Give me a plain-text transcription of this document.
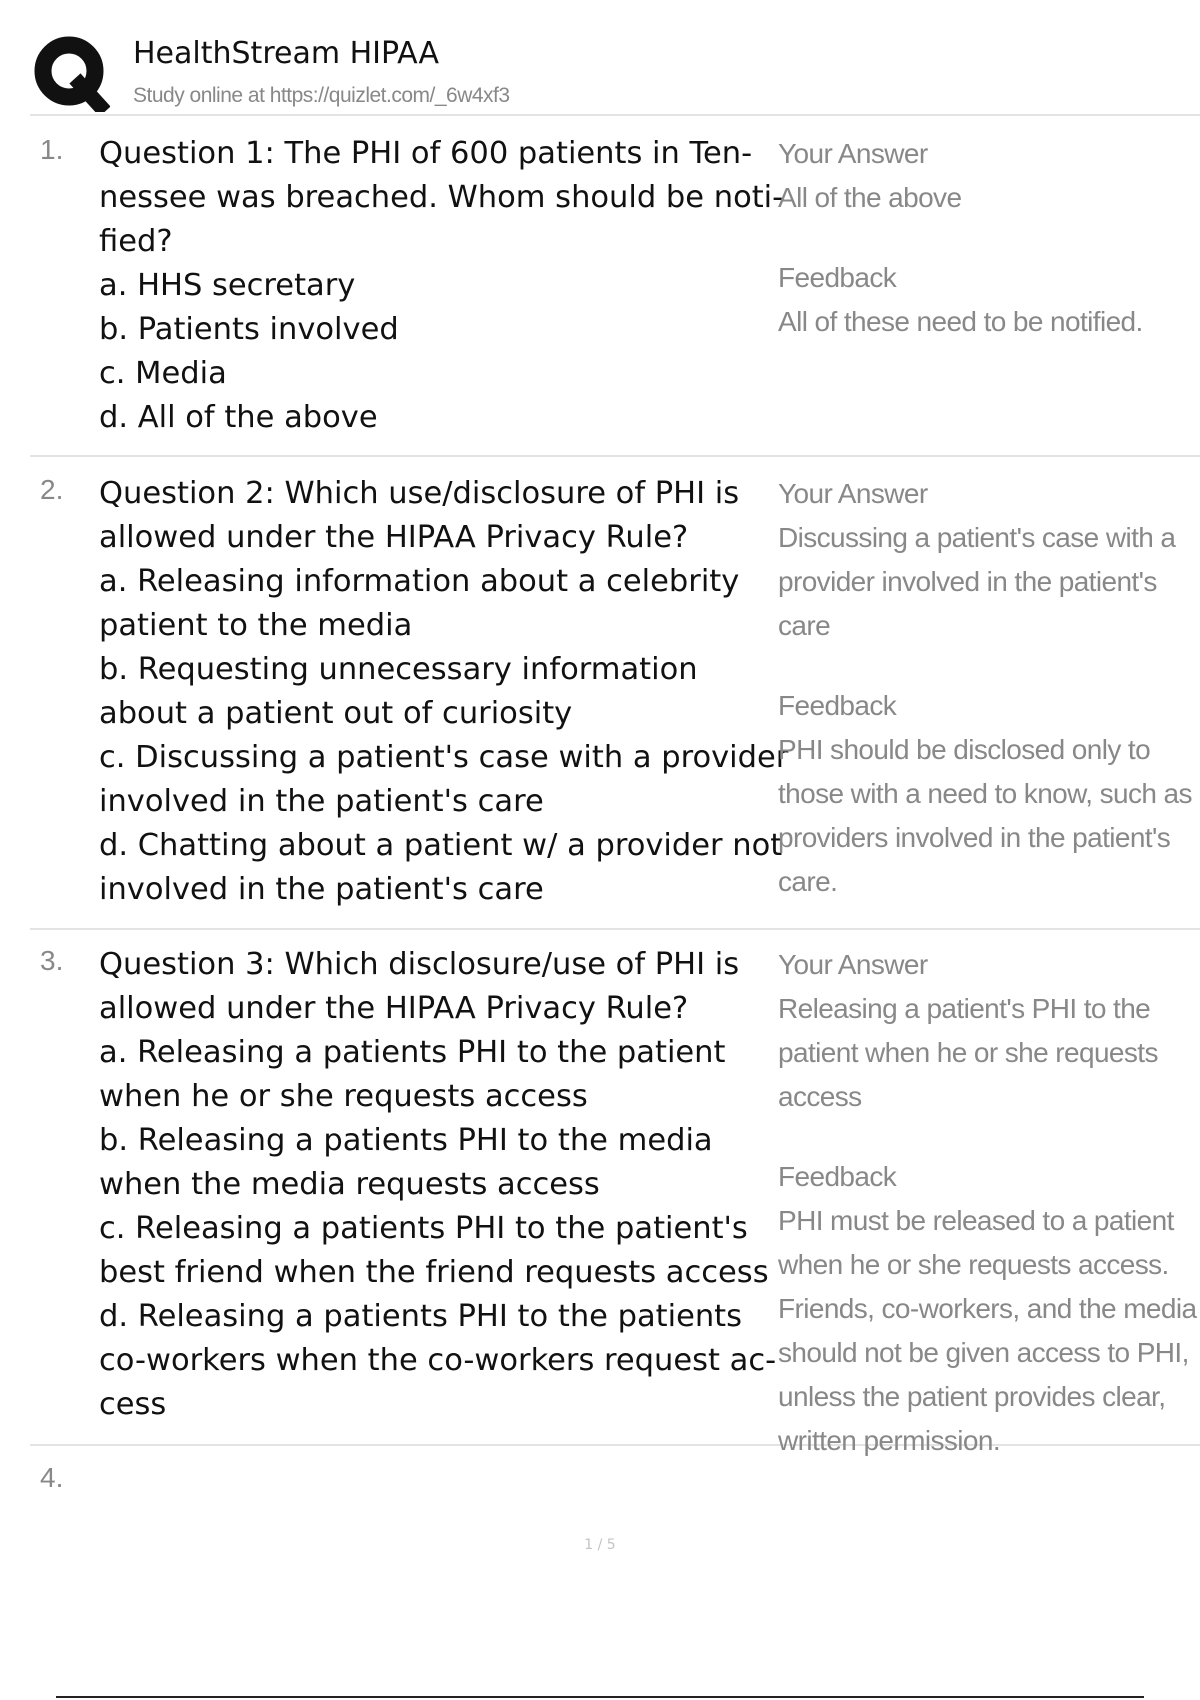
HealthStream HIPAA
Study online at https://quizlet.com/_6w4xf3
1. Question 1: The PHI of 600 patients in Ten-
nessee was breached. Whom should be noti-
fied?
a. HHS secretary
b. Patients involved
c. Media
d. All of the above
Your Answer
All of the above
Feedback
All of these need to be notified.
2. Question 2: Which use/disclosure of PHI is
allowed under the HIPAA Privacy Rule?
a. Releasing information about a celebrity
patient to the media
b. Requesting unnecessary information
about a patient out of curiosity
c. Discussing a patient's case with a provider
involved in the patient's care
d. Chatting about a patient w/ a provider not
involved in the patient's care
Your Answer
Discussing a patient's case with a provider involved in the patient's care
Feedback
PHI should be disclosed only to those with a need to know, such as providers involved in the patient's care.
3. Question 3: Which disclosure/use of PHI is
allowed under the HIPAA Privacy Rule?
a. Releasing a patients PHI to the patient
when he or she requests access
b. Releasing a patients PHI to the media
when the media requests access
c. Releasing a patients PHI to the patient's
best friend when the friend requests access
d. Releasing a patients PHI to the patients
co-workers when the co-workers request ac-
cess
Your Answer
Releasing a patient's PHI to the patient when he or she requests access
Feedback
PHI must be released to a patient when he or she requests access. Friends, co-workers, and the media should not be given access to PHI, unless the patient provides clear, written permission.
4.
1 / 5
